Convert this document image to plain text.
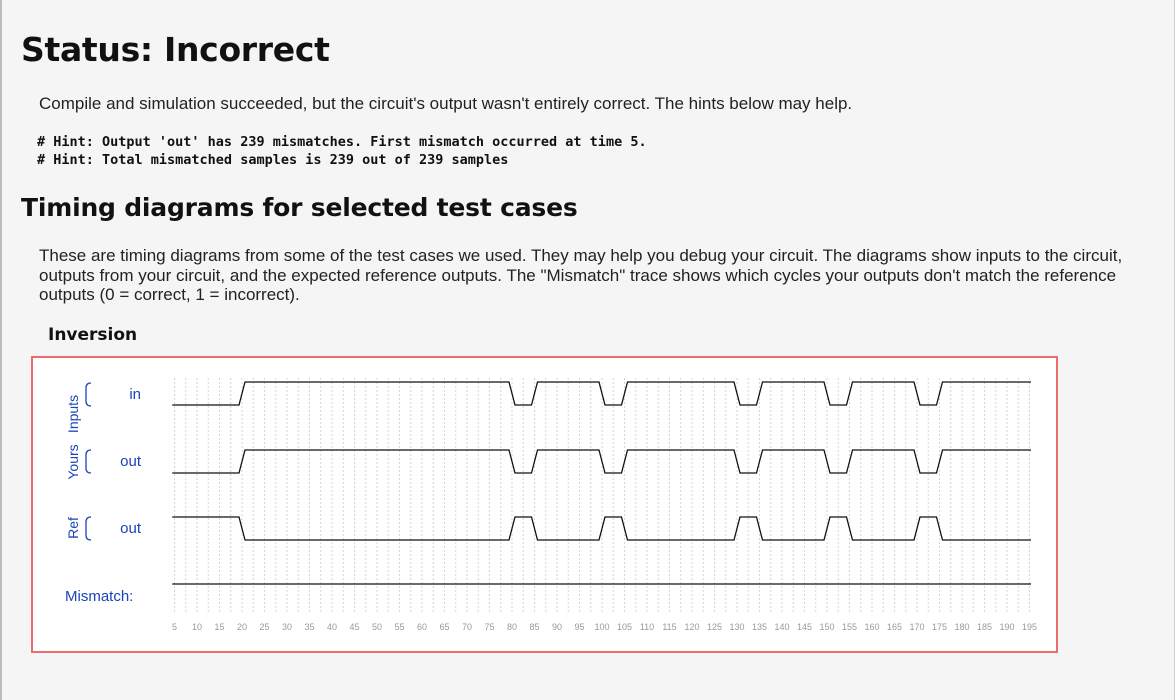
Status: Incorrect

Compile and simulation succeeded, but the circuit's output wasn't entirely correct. The hints below may help.

# Hint: Output 'out' has 239 mismatches. First mismatch occurred at time 5.
# Hint: Total mismatched samples is 239 out of 239 samples
Timing diagrams for selected test cases

These are timing diagrams from some of the test cases we used. They may help you debug your circuit. The diagrams show inputs to the circuit, outputs from your circuit, and the expected reference outputs. The "Mismatch" trace shows which cycles your outputs don't match the reference outputs (0 = correct, 1 = incorrect).

Inversion
Inputs
Yours
Ref
in
out
out
Mismatch:
5 10 15 20 25 30 35 40 45 50 55 60 65 70 75 80 85 90 95 100 105 110 115 120 125 130 135 140 145 150 155 160 165 170 175 180 185 190 195
